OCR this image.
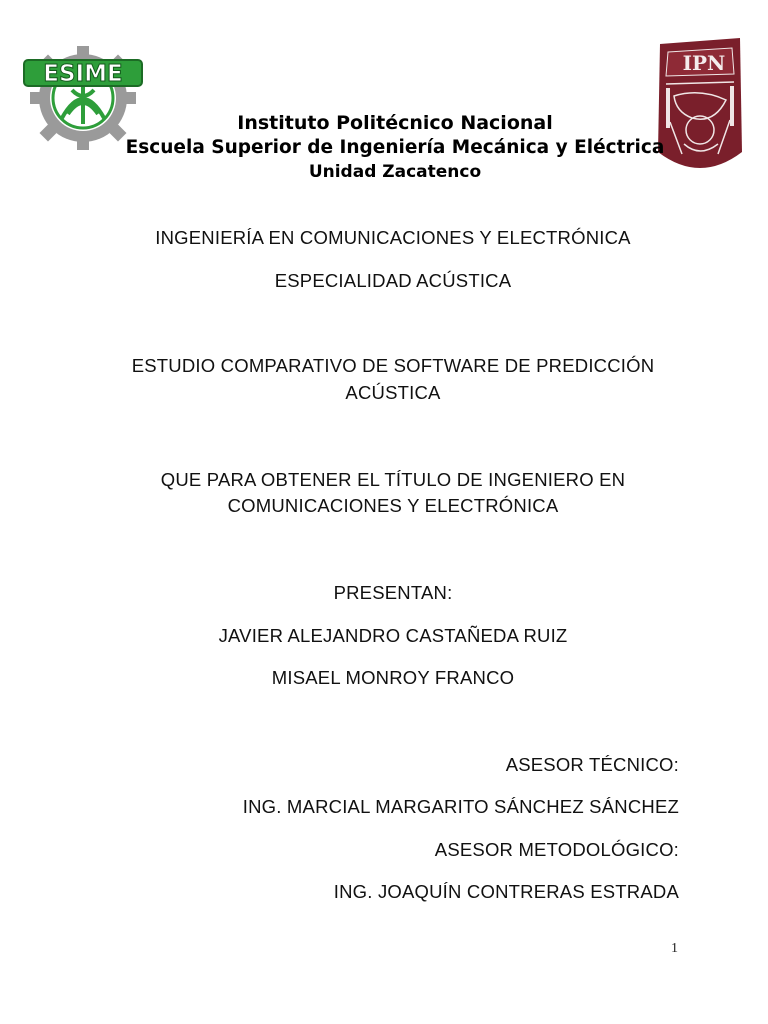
ESIME	IPN
Instituto Politécnico Nacional
Escuela Superior de Ingeniería Mecánica y Eléctrica
Unidad Zacatenco
INGENIERÍA EN COMUNICACIONES Y ELECTRÓNICA
ESPECIALIDAD ACÚSTICA
ESTUDIO COMPARATIVO DE SOFTWARE DE PREDICCIÓN
ACÚSTICA
QUE PARA OBTENER EL TÍTULO DE INGENIERO EN
COMUNICACIONES Y ELECTRÓNICA
PRESENTAN:
JAVIER ALEJANDRO CASTAÑEDA RUIZ
MISAEL MONROY FRANCO
ASESOR TÉCNICO:
ING. MARCIAL MARGARITO SÁNCHEZ SÁNCHEZ
ASESOR METODOLÓGICO:
ING. JOAQUÍN CONTRERAS ESTRADA
1
